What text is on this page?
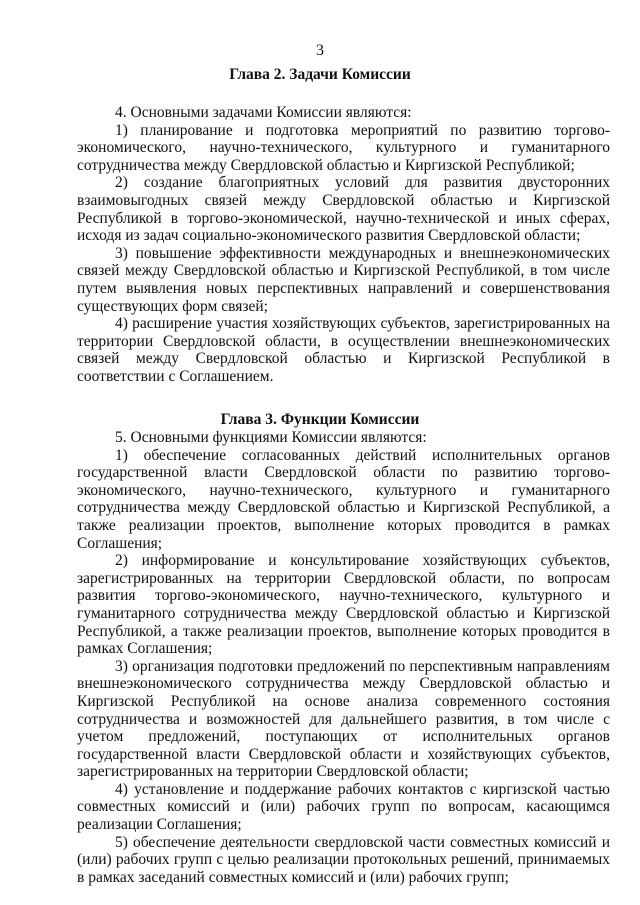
3
Глава 2. Задачи Комиссии

4. Основными задачами Комиссии являются:

1) планирование и подготовка мероприятий по развитию торгово-экономического, научно-технического, культурного и гуманитарного сотрудничества между Свердловской областью и Киргизской Республикой;

2) создание благоприятных условий для развития двусторонних взаимовыгодных связей между Свердловской областью и Киргизской Республикой в торгово-экономической, научно-технической и иных сферах, исходя из задач социально-экономического развития Свердловской области;

3) повышение эффективности международных и внешнеэкономических связей между Свердловской областью и Киргизской Республикой, в том числе путем выявления новых перспективных направлений и совершенствования существующих форм связей;

4) расширение участия хозяйствующих субъектов, зарегистрированных на территории Свердловской области, в осуществлении внешнеэкономических связей между Свердловской областью и Киргизской Республикой в соответствии с Соглашением.

Глава 3. Функции Комиссии

5. Основными функциями Комиссии являются:

1) обеспечение согласованных действий исполнительных органов государственной власти Свердловской области по развитию торгово-экономического, научно-технического, культурного и гуманитарного сотрудничества между Свердловской областью и Киргизской Республикой, а также реализации проектов, выполнение которых проводится в рамках Соглашения;

2) информирование и консультирование хозяйствующих субъектов, зарегистрированных на территории Свердловской области, по вопросам развития торгово-экономического, научно-технического, культурного и гуманитарного сотрудничества между Свердловской областью и Киргизской Республикой, а также реализации проектов, выполнение которых проводится в рамках Соглашения;

3) организация подготовки предложений по перспективным направлениям внешнеэкономического сотрудничества между Свердловской областью и Киргизской Республикой на основе анализа современного состояния сотрудничества и возможностей для дальнейшего развития, в том числе с учетом предложений, поступающих от исполнительных органов государственной власти Свердловской области и хозяйствующих субъектов, зарегистрированных на территории Свердловской области;

4) установление и поддержание рабочих контактов с киргизской частью совместных комиссий и (или) рабочих групп по вопросам, касающимся реализации Соглашения;

5) обеспечение деятельности свердловской части совместных комиссий и (или) рабочих групп с целью реализации протокольных решений, принимаемых в рамках заседаний совместных комиссий и (или) рабочих групп;
